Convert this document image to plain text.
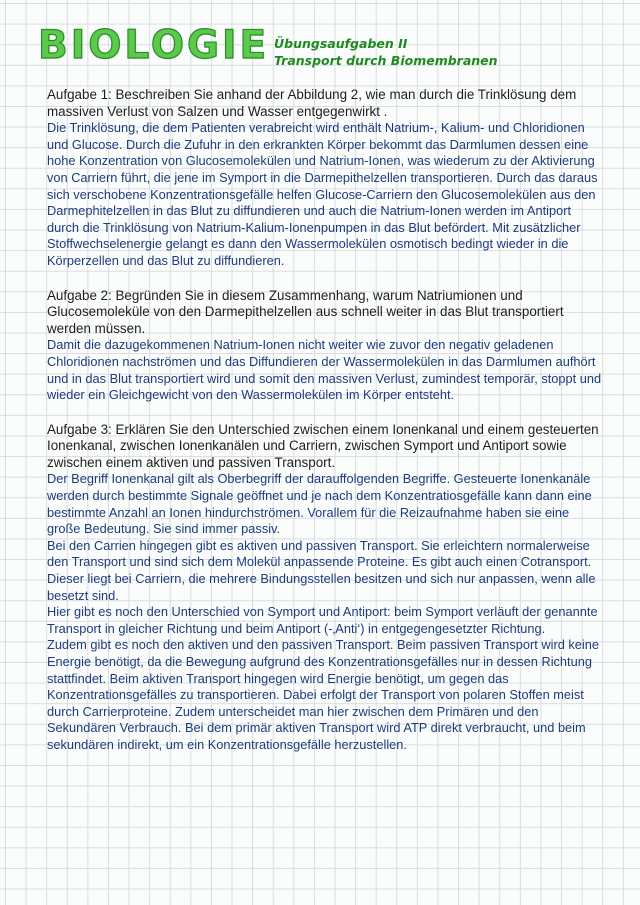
BIOLOGIE Übungsaufgaben II
Transport durch Biomembranen

Aufgabe 1: Beschreiben Sie anhand der Abbildung 2, wie man durch die Trinklösung dem massiven Verlust von Salzen und Wasser entgegenwirkt .

Die Trinklösung, die dem Patienten verabreicht wird enthält Natrium-, Kalium- und Chloridionen und Glucose. Durch die Zufuhr in den erkrankten Körper bekommt das Darmlumen dessen eine hohe Konzentration von Glucosemolekülen und Natrium-Ionen, was wiederum zu der Aktivierung von Carriern führt, die jene im Symport in die Darmepithelzellen transportieren. Durch das daraus sich verschobene Konzentrationsgefälle helfen Glucose-Carriern den Glucosemolekülen aus den Darmephitelzellen in das Blut zu diffundieren und auch die Natrium-Ionen werden im Antiport durch die Trinklösung von Natrium-Kalium-Ionenpumpen in das Blut befördert. Mit zusätzlicher Stoffwechselenergie gelangt es dann den Wassermolekülen osmotisch bedingt wieder in die Körperzellen und das Blut zu diffundieren.

Aufgabe 2: Begründen Sie in diesem Zusammenhang, warum Natriumionen und Glucosemoleküle von den Darmepithelzellen aus schnell weiter in das Blut transportiert werden müssen.

Damit die dazugekommenen Natrium-Ionen nicht weiter wie zuvor den negativ geladenen Chloridionen nachströmen und das Diffundieren der Wassermolekülen in das Darmlumen aufhört und in das Blut transportiert wird und somit den massiven Verlust, zumindest temporär, stoppt und wieder ein Gleichgewicht von den Wassermolekülen im Körper entsteht.

Aufgabe 3: Erklären Sie den Unterschied zwischen einem Ionenkanal und einem gesteuerten Ionenkanal, zwischen Ionenkanälen und Carriern, zwischen Symport und Antiport sowie zwischen einem aktiven und passiven Transport.

Der Begriff Ionenkanal gilt als Oberbegriff der darauffolgenden Begriffe. Gesteuerte Ionenkanäle werden durch bestimmte Signale geöffnet und je nach dem Konzentratiosgefälle kann dann eine bestimmte Anzahl an Ionen hindurchströmen. Vorallem für die Reizaufnahme haben sie eine große Bedeutung. Sie sind immer passiv.

Bei den Carrien hingegen gibt es aktiven und passiven Transport. Sie erleichtern normalerweise den Transport und sind sich dem Molekül anpassende Proteine. Es gibt auch einen Cotransport. Dieser liegt bei Carriern, die mehrere Bindungsstellen besitzen und sich nur anpassen, wenn alle besetzt sind.

Hier gibt es noch den Unterschied von Symport und Antiport: beim Symport verläuft der genannte Transport in gleicher Richtung und beim Antiport (-‚Anti‘) in entgegengesetzter Richtung.

Zudem gibt es noch den aktiven und den passiven Transport. Beim passiven Transport wird keine Energie benötigt, da die Bewegung aufgrund des Konzentrationsgefälles nur in dessen Richtung stattfindet. Beim aktiven Transport hingegen wird Energie benötigt, um gegen das Konzentrationsgefälles zu transportieren. Dabei erfolgt der Transport von polaren Stoffen meist durch Carrierproteine. Zudem unterscheidet man hier zwischen dem Primären und den Sekundären Verbrauch. Bei dem primär aktiven Transport wird ATP direkt verbraucht, und beim sekundären indirekt, um ein Konzentrationsgefälle herzustellen.
